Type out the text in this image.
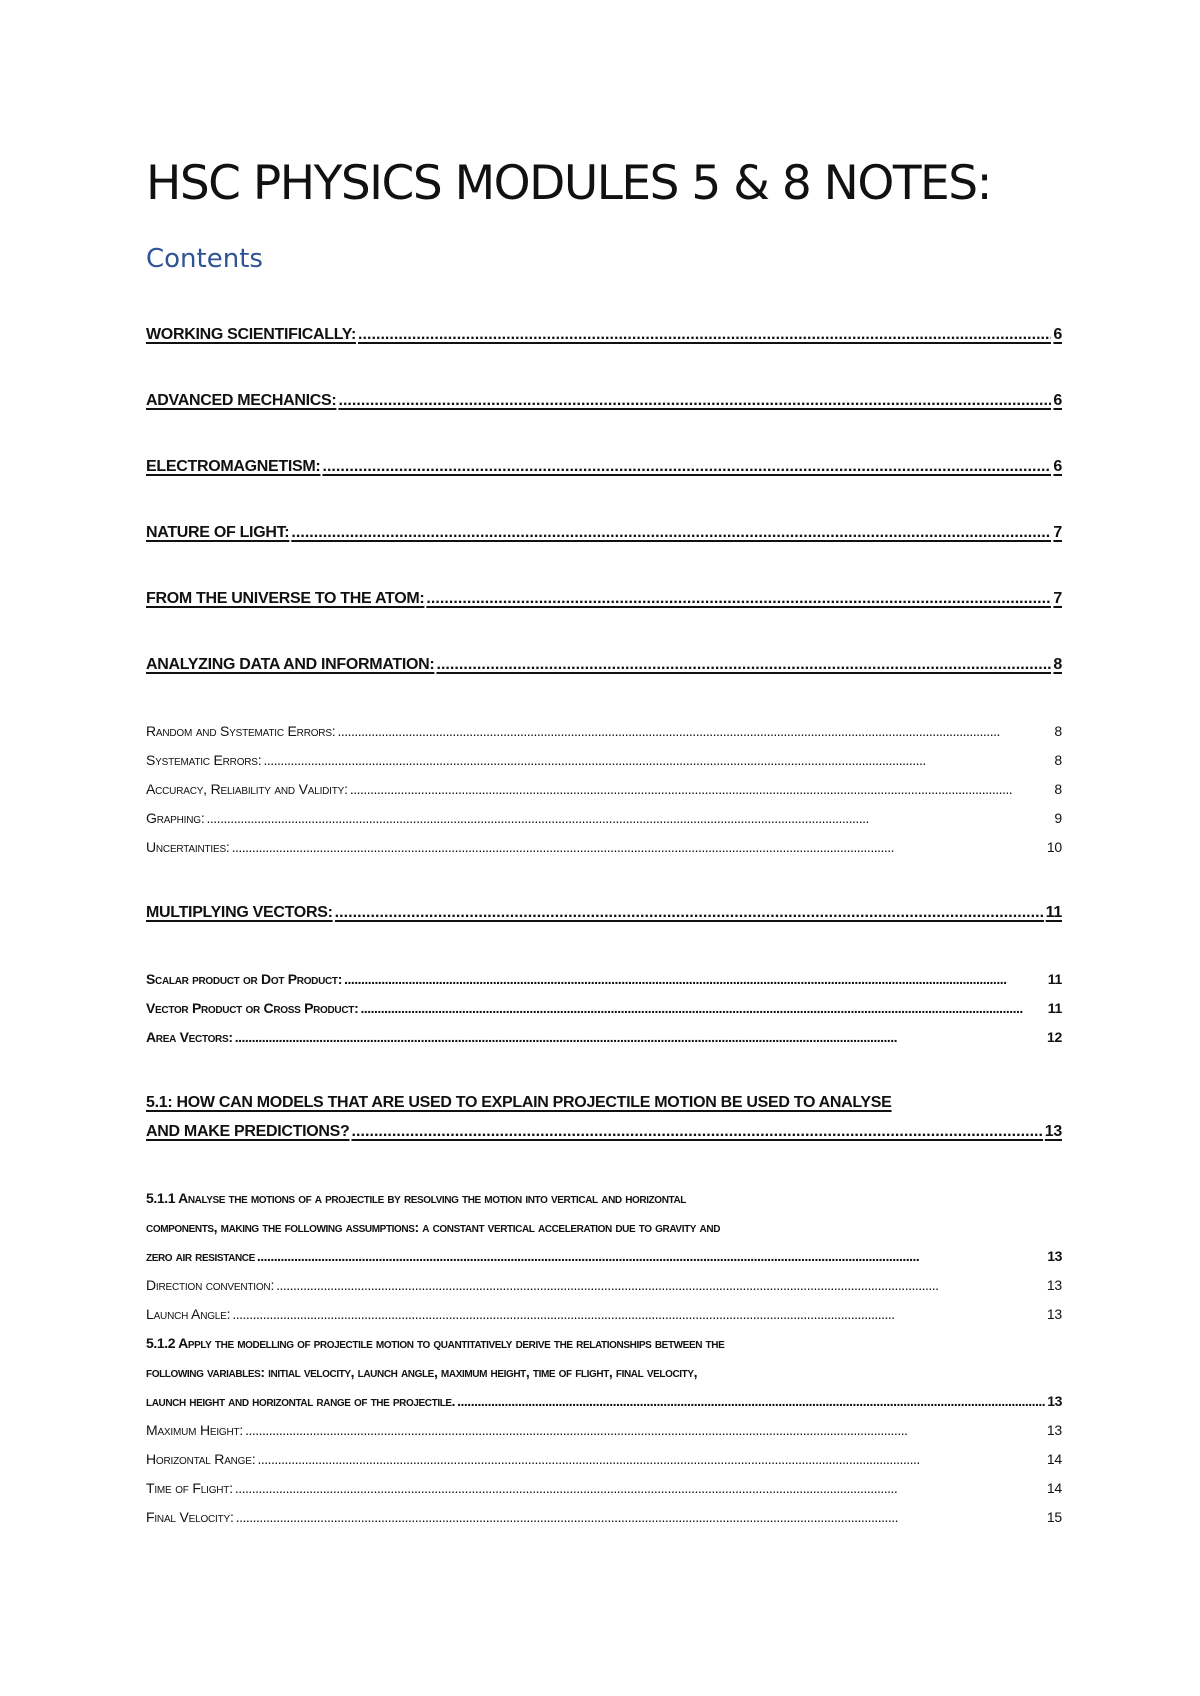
HSC PHYSICS MODULES 5 & 8 NOTES:
Contents
WORKING SCIENTIFICALLY: . . .	6
ADVANCED MECHANICS: . . .	6
ELECTROMAGNETISM: . . .	6
NATURE OF LIGHT: . . .	7
FROM THE UNIVERSE TO THE ATOM: . . .	7
ANALYZING DATA AND INFORMATION: . . .	8
Random and Systematic Errors: . . .	8
Systematic Errors: . . .	8
Accuracy, Reliability and Validity: . . .	8
Graphing: . . .	9
Uncertainties: . . .	10
MULTIPLYING VECTORS: . . .	11
Scalar product or Dot Product: . . .	11
Vector Product or Cross Product: . . .	11
Area Vectors: . . .	12
5.1: HOW CAN MODELS THAT ARE USED TO EXPLAIN PROJECTILE MOTION BE USED TO ANALYSE
AND MAKE PREDICTIONS? . . .	13
5.1.1 Analyse the motions of a projectile by resolving the motion into vertical and horizontal
components, making the following assumptions: a constant vertical acceleration due to gravity and
zero air resistance . . .	13
Direction convention: . . .	13
Launch Angle: . . .	13
5.1.2 Apply the modelling of projectile motion to quantitatively derive the relationships between the
following variables: initial velocity, launch angle, maximum height, time of flight, final velocity,
launch height and horizontal range of the projectile. . . .	13
Maximum Height: . . .	13
Horizontal Range: . . .	14
Time of Flight: . . .	14
Final Velocity: . . .	15
